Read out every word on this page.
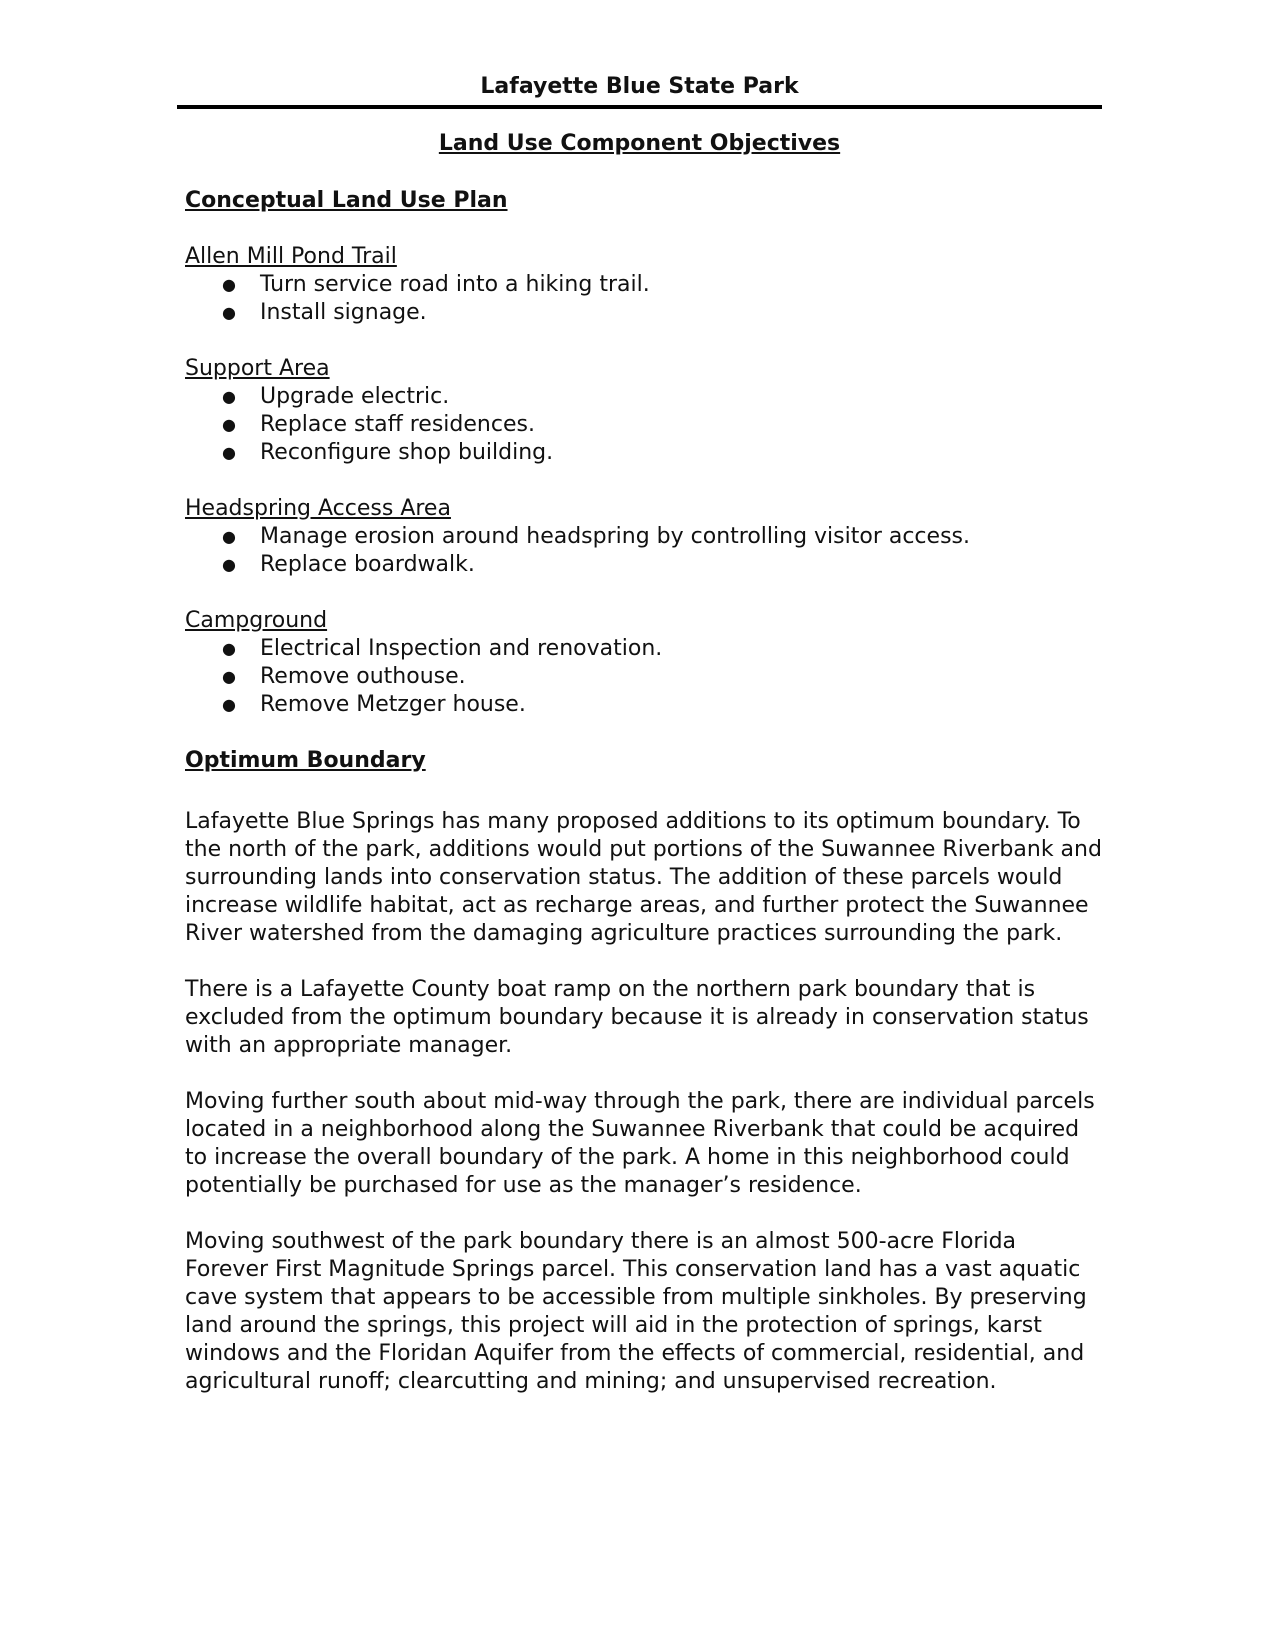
Lafayette Blue State Park
Land Use Component Objectives

Conceptual Land Use Plan

Allen Mill Pond Trail

● Turn service road into a hiking trail.
● Install signage.

Support Area

● Upgrade electric.
● Replace staff residences.
● Reconfigure shop building.

Headspring Access Area

● Manage erosion around headspring by controlling visitor access.
● Replace boardwalk.

Campground

● Electrical Inspection and renovation.
● Remove outhouse.
● Remove Metzger house.

Optimum Boundary

Lafayette Blue Springs has many proposed additions to its optimum boundary. To the north of the park, additions would put portions of the Suwannee Riverbank and surrounding lands into conservation status. The addition of these parcels would increase wildlife habitat, act as recharge areas, and further protect the Suwannee River watershed from the damaging agriculture practices surrounding the park.

There is a Lafayette County boat ramp on the northern park boundary that is excluded from the optimum boundary because it is already in conservation status with an appropriate manager.

Moving further south about mid-way through the park, there are individual parcels located in a neighborhood along the Suwannee Riverbank that could be acquired to increase the overall boundary of the park. A home in this neighborhood could potentially be purchased for use as the manager’s residence.

Moving southwest of the park boundary there is an almost 500-acre Florida Forever First Magnitude Springs parcel. This conservation land has a vast aquatic cave system that appears to be accessible from multiple sinkholes. By preserving land around the springs, this project will aid in the protection of springs, karst windows and the Floridan Aquifer from the effects of commercial, residential, and agricultural runoff; clearcutting and mining; and unsupervised recreation.
